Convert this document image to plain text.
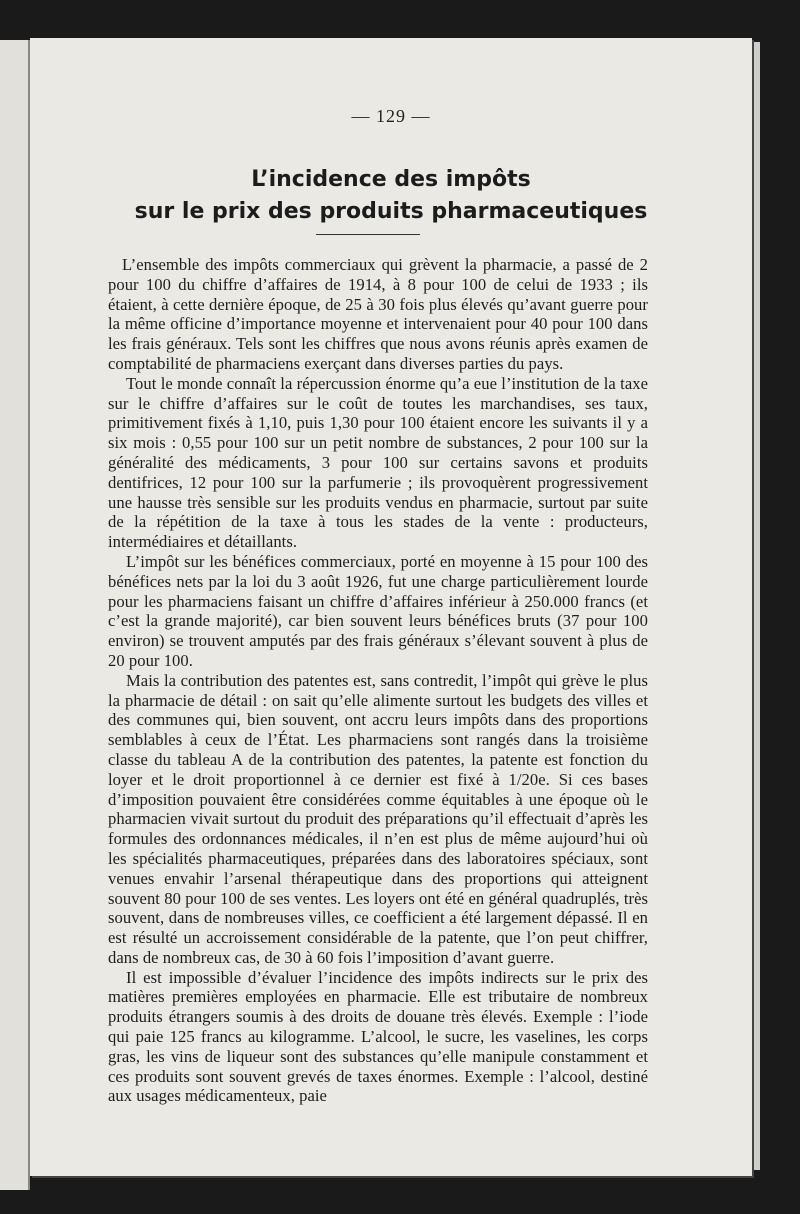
— 129 —
L’incidence des impôts
sur le prix des produits pharmaceutiques

L’ensemble des impôts commerciaux qui grèvent la pharmacie, a passé de 2 pour 100 du chiffre d’affaires de 1914, à 8 pour 100 de celui de 1933 ; ils étaient, à cette dernière époque, de 25 à 30 fois plus élevés qu’avant guerre pour la même officine d’importance moyenne et intervenaient pour 40 pour 100 dans les frais généraux. Tels sont les chiffres que nous avons réunis après examen de comptabilité de pharmaciens exerçant dans diverses parties du pays.

Tout le monde connaît la répercussion énorme qu’a eue l’institution de la taxe sur le chiffre d’affaires sur le coût de toutes les marchandises, ses taux, primitivement fixés à 1,10, puis 1,30 pour 100 étaient encore les suivants il y a six mois : 0,55 pour 100 sur un petit nombre de substances, 2 pour 100 sur la généralité des médicaments, 3 pour 100 sur certains savons et produits dentifrices, 12 pour 100 sur la parfumerie ; ils provoquèrent progressivement une hausse très sensible sur les produits vendus en pharmacie, surtout par suite de la répétition de la taxe à tous les stades de la vente : producteurs, intermédiaires et détaillants.

L’impôt sur les bénéfices commerciaux, porté en moyenne à 15 pour 100 des bénéfices nets par la loi du 3 août 1926, fut une charge particulièrement lourde pour les pharmaciens faisant un chiffre d’affaires inférieur à 250.000 francs (et c’est la grande majorité), car bien souvent leurs bénéfices bruts (37 pour 100 environ) se trouvent amputés par des frais généraux s’élevant souvent à plus de 20 pour 100.

Mais la contribution des patentes est, sans contredit, l’impôt qui grève le plus la pharmacie de détail : on sait qu’elle alimente surtout les budgets des villes et des communes qui, bien souvent, ont accru leurs impôts dans des proportions semblables à ceux de l’État. Les pharmaciens sont rangés dans la troisième classe du tableau A de la contribution des patentes, la patente est fonction du loyer et le droit proportionnel à ce dernier est fixé à 1/20e. Si ces bases d’imposition pouvaient être considérées comme équitables à une époque où le pharmacien vivait surtout du produit des préparations qu’il effectuait d’après les formules des ordonnances médicales, il n’en est plus de même aujourd’hui où les spécialités pharmaceutiques, préparées dans des laboratoires spéciaux, sont venues envahir l’arsenal thérapeutique dans des proportions qui atteignent souvent 80 pour 100 de ses ventes. Les loyers ont été en général quadruplés, très souvent, dans de nombreuses villes, ce coefficient a été largement dépassé. Il en est résulté un accroissement considérable de la patente, que l’on peut chiffrer, dans de nombreux cas, de 30 à 60 fois l’imposition d’avant guerre.

Il est impossible d’évaluer l’incidence des impôts indirects sur le prix des matières premières employées en pharmacie. Elle est tributaire de nombreux produits étrangers soumis à des droits de douane très élevés. Exemple : l’iode qui paie 125 francs au kilogramme. L’alcool, le sucre, les vaselines, les corps gras, les vins de liqueur sont des substances qu’elle manipule constamment et ces produits sont souvent grevés de taxes énormes. Exemple : l’alcool, destiné aux usages médicamenteux, paie
